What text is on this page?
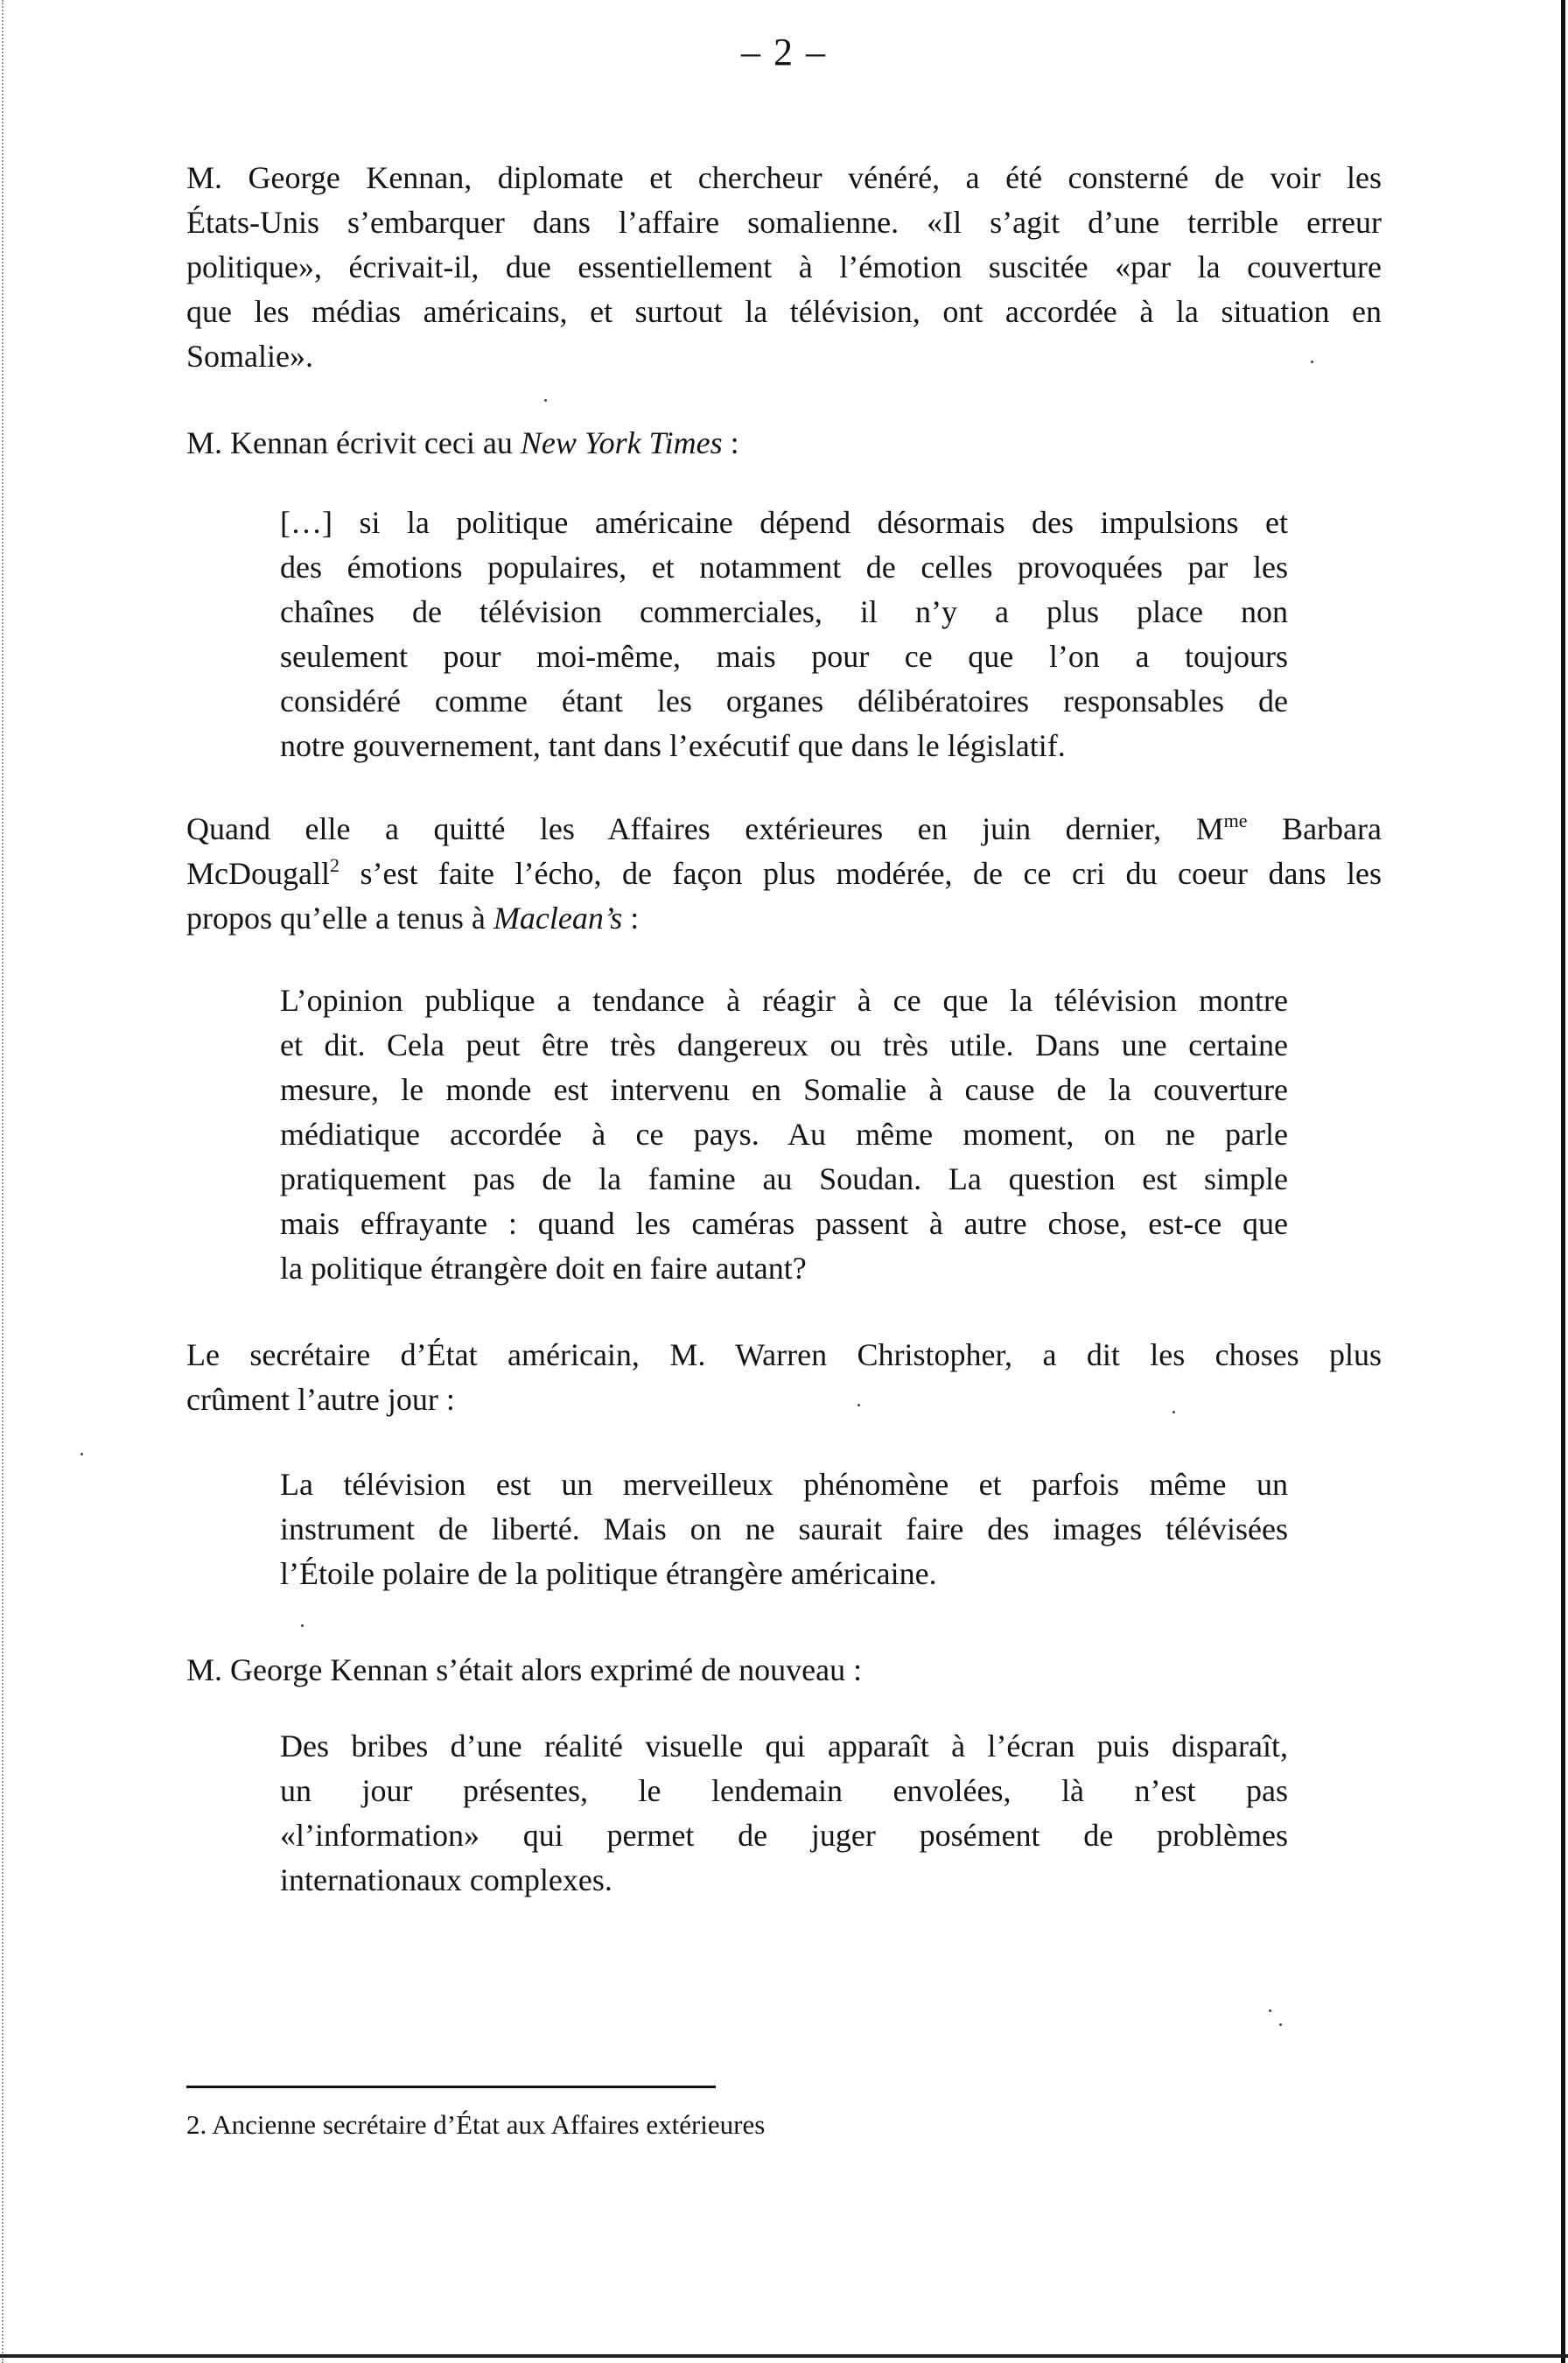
– 2 –
M. George Kennan, diplomate et chercheur vénéré, a été consterné de voir les
États-Unis s’embarquer dans l’affaire somalienne. «Il s’agit d’une terrible erreur
politique», écrivait-il, due essentiellement à l’émotion suscitée «par la couverture
que les médias américains, et surtout la télévision, ont accordée à la situation en
Somalie».
M. Kennan écrivit ceci au New York Times :
[…] si la politique américaine dépend désormais des impulsions et
des émotions populaires, et notamment de celles provoquées par les
chaînes de télévision commerciales, il n’y a plus place non
seulement pour moi-même, mais pour ce que l’on a toujours
considéré comme étant les organes délibératoires responsables de
notre gouvernement, tant dans l’exécutif que dans le législatif.
Quand elle a quitté les Affaires extérieures en juin dernier, $M^{me}$ Barbara
McDougall$^2$ s’est faite l’écho, de façon plus modérée, de ce cri du coeur dans les
propos qu’elle a tenus à Maclean’s :
L’opinion publique a tendance à réagir à ce que la télévision montre
et dit. Cela peut être très dangereux ou très utile. Dans une certaine
mesure, le monde est intervenu en Somalie à cause de la couverture
médiatique accordée à ce pays. Au même moment, on ne parle
pratiquement pas de la famine au Soudan. La question est simple
mais effrayante : quand les caméras passent à autre chose, est-ce que
la politique étrangère doit en faire autant?
Le secrétaire d’État américain, M. Warren Christopher, a dit les choses plus
crûment l’autre jour :
La télévision est un merveilleux phénomène et parfois même un
instrument de liberté. Mais on ne saurait faire des images télévisées
l’Étoile polaire de la politique étrangère américaine.
M. George Kennan s’était alors exprimé de nouveau :
Des bribes d’une réalité visuelle qui apparaît à l’écran puis disparaît,
un jour présentes, le lendemain envolées, là n’est pas
«l’information» qui permet de juger posément de problèmes
internationaux complexes.
2. Ancienne secrétaire d’État aux Affaires extérieures
